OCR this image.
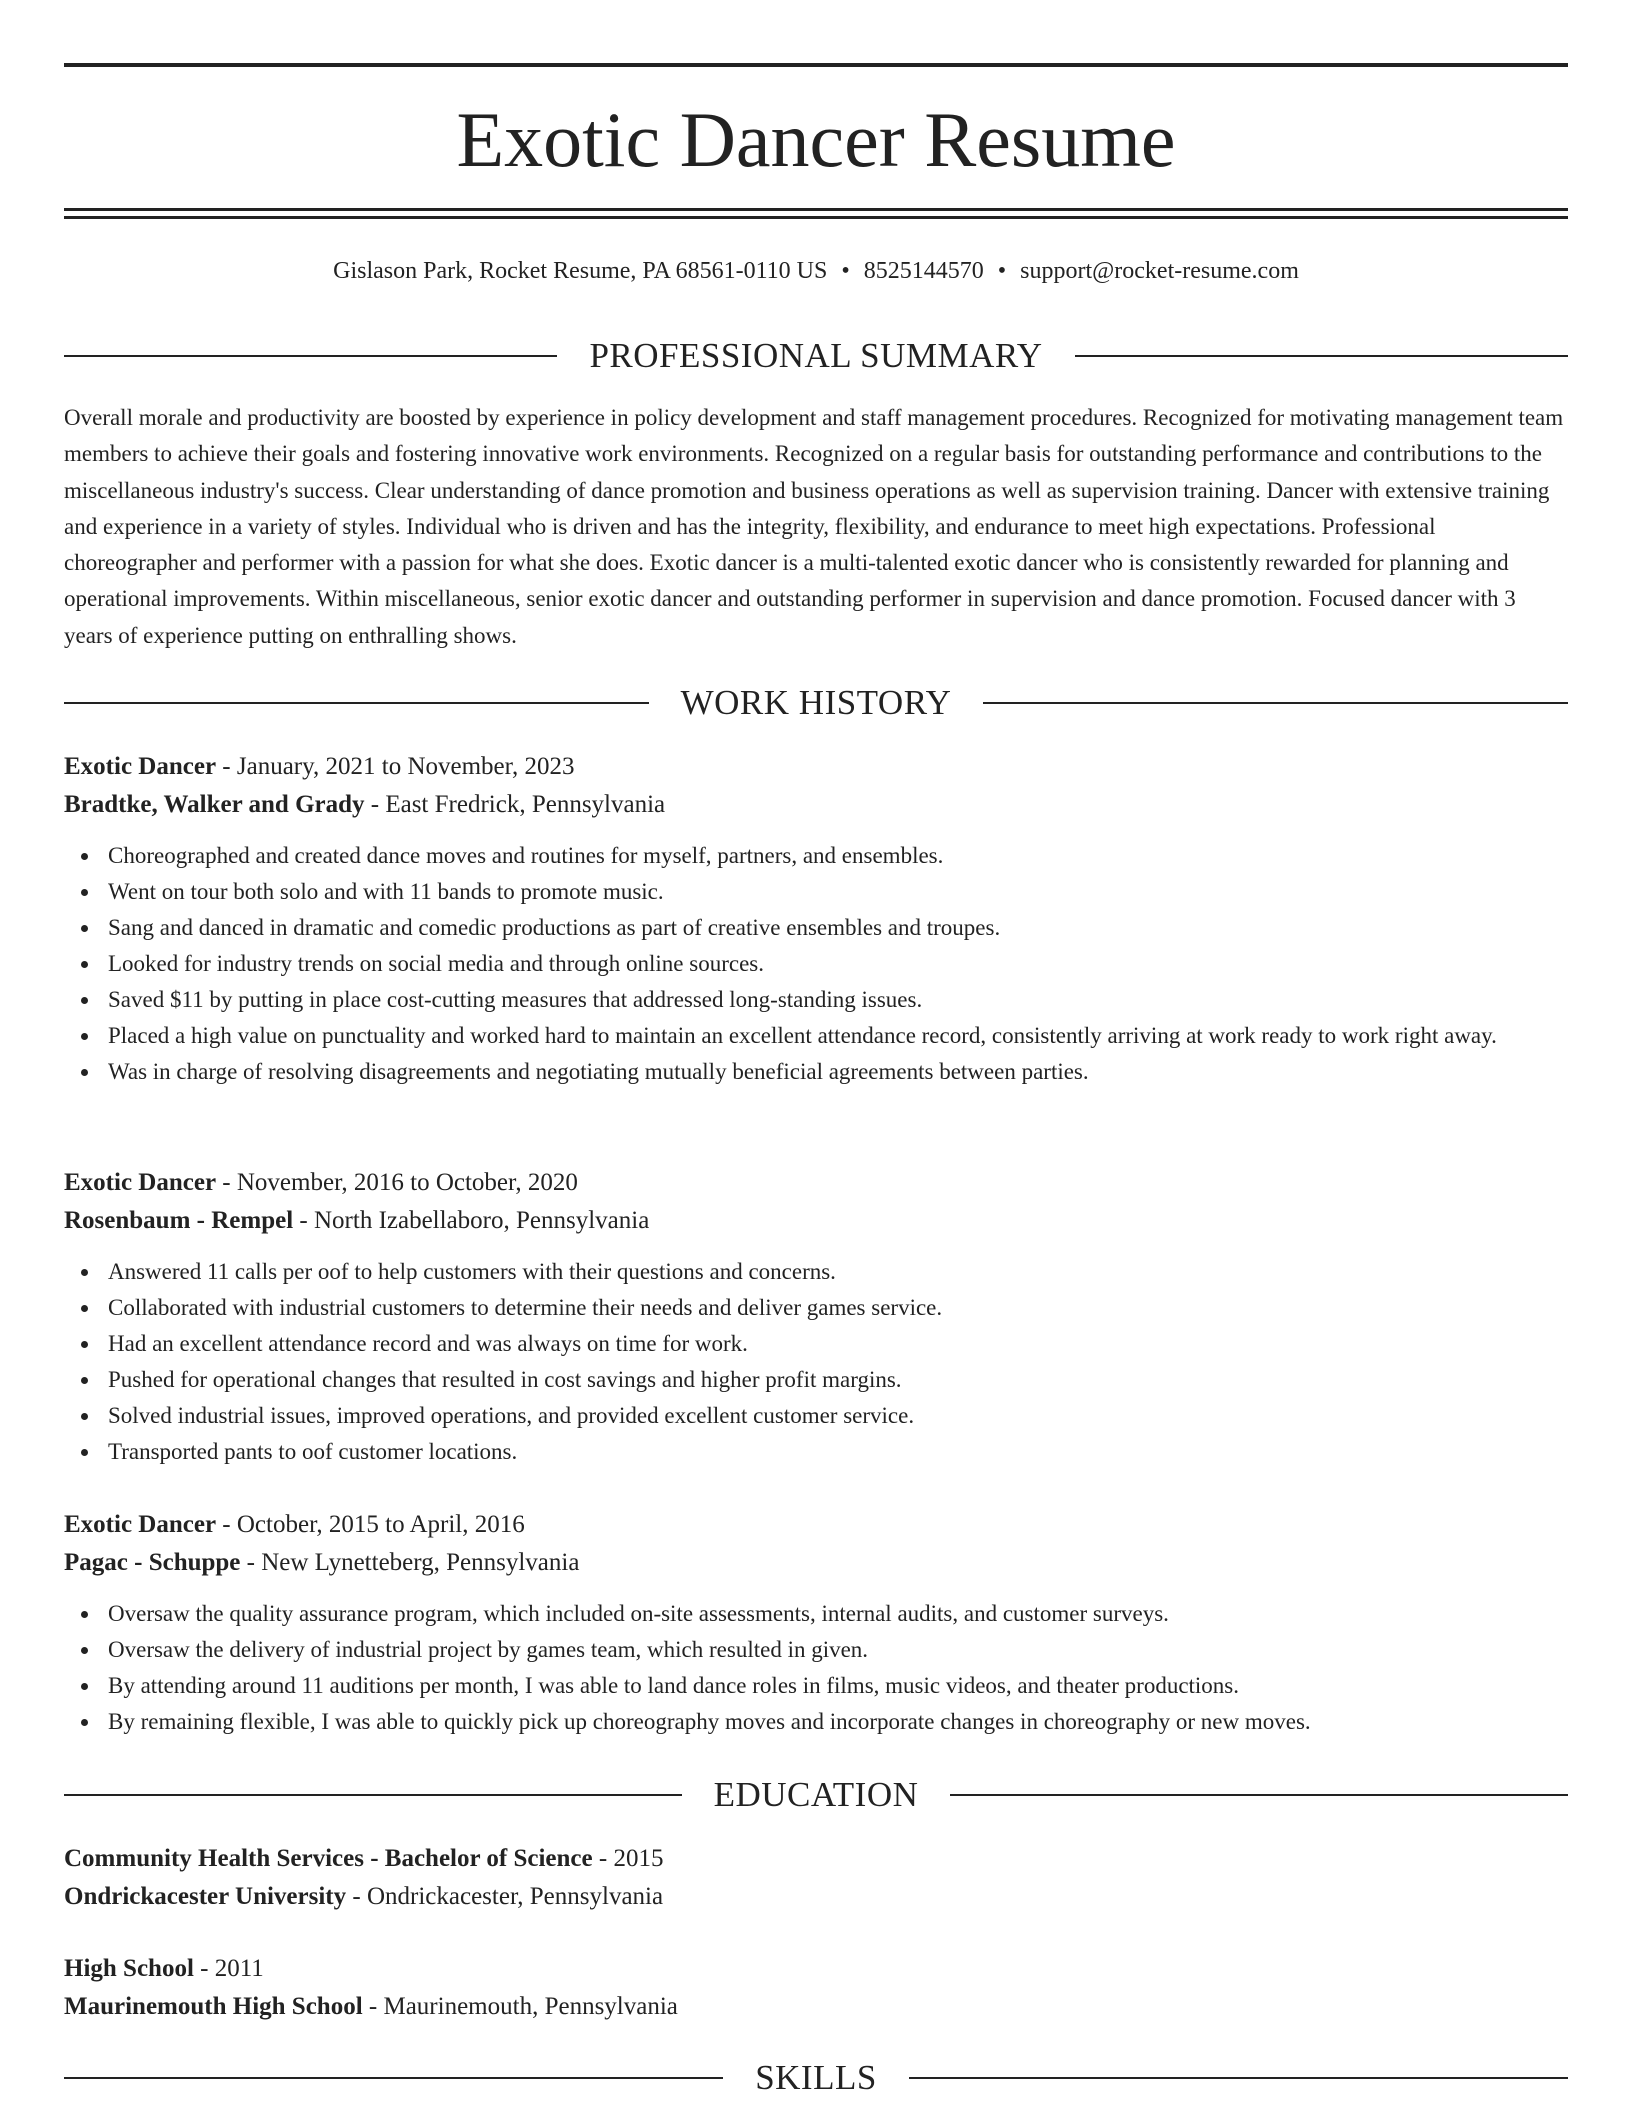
Exotic Dancer Resume
Gislason Park, Rocket Resume, PA 68561-0110 US • 8525144570 • support@rocket-resume.com
PROFESSIONAL SUMMARY

Overall morale and productivity are boosted by experience in policy development and staff management procedures. Recognized for motivating management team members to achieve their goals and fostering innovative work environments. Recognized on a regular basis for outstanding performance and contributions to the miscellaneous industry's success. Clear understanding of dance promotion and business operations as well as supervision training. Dancer with extensive training and experience in a variety of styles. Individual who is driven and has the integrity, flexibility, and endurance to meet high expectations. Professional choreographer and performer with a passion for what she does. Exotic dancer is a multi-talented exotic dancer who is consistently rewarded for planning and operational improvements. Within miscellaneous, senior exotic dancer and outstanding performer in supervision and dance promotion. Focused dancer with 3 years of experience putting on enthralling shows.

WORK HISTORY
Exotic Dancer - January, 2021 to November, 2023
Bradtke, Walker and Grady - East Fredrick, Pennsylvania
Choreographed and created dance moves and routines for myself, partners, and ensembles.
Went on tour both solo and with 11 bands to promote music.
Sang and danced in dramatic and comedic productions as part of creative ensembles and troupes.
Looked for industry trends on social media and through online sources.
Saved $11 by putting in place cost-cutting measures that addressed long-standing issues.
Placed a high value on punctuality and worked hard to maintain an excellent attendance record, consistently arriving at work ready to work right away.
Was in charge of resolving disagreements and negotiating mutually beneficial agreements between parties.
Exotic Dancer - November, 2016 to October, 2020
Rosenbaum - Rempel - North Izabellaboro, Pennsylvania
Answered 11 calls per oof to help customers with their questions and concerns.
Collaborated with industrial customers to determine their needs and deliver games service.
Had an excellent attendance record and was always on time for work.
Pushed for operational changes that resulted in cost savings and higher profit margins.
Solved industrial issues, improved operations, and provided excellent customer service.
Transported pants to oof customer locations.
Exotic Dancer - October, 2015 to April, 2016
Pagac - Schuppe - New Lynetteberg, Pennsylvania
Oversaw the quality assurance program, which included on-site assessments, internal audits, and customer surveys.
Oversaw the delivery of industrial project by games team, which resulted in given.
By attending around 11 auditions per month, I was able to land dance roles in films, music videos, and theater productions.
By remaining flexible, I was able to quickly pick up choreography moves and incorporate changes in choreography or new moves.
EDUCATION
Community Health Services - Bachelor of Science - 2015
Ondrickacester University - Ondrickacester, Pennsylvania
High School - 2011
Maurinemouth High School - Maurinemouth, Pennsylvania
SKILLS
